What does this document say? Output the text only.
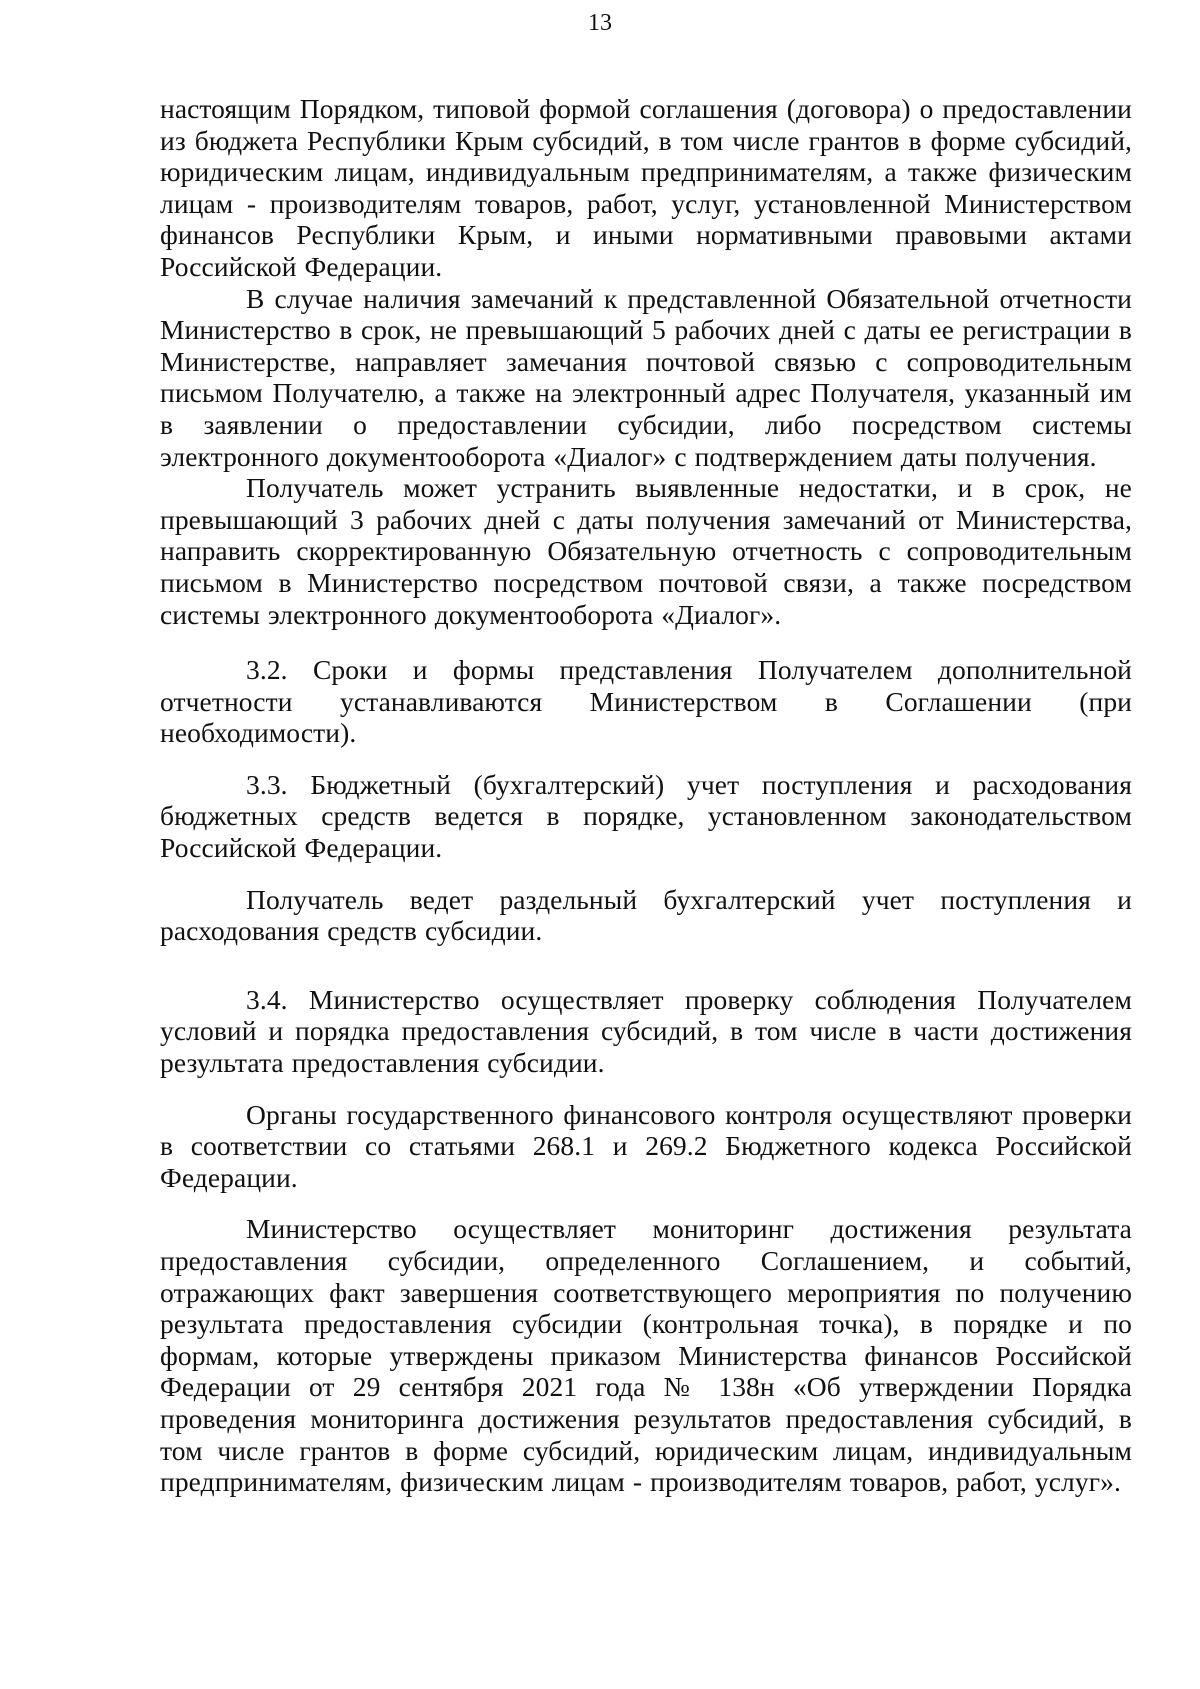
13

настоящим Порядком, типовой формой соглашения (договора) о предоставлении из бюджета Республики Крым субсидий, в том числе грантов в форме субсидий, юридическим лицам, индивидуальным предпринимателям, а также физическим лицам - производителям товаров, работ, услуг, установленной Министерством финансов Республики Крым, и иными нормативными правовыми актами Российской Федерации.

В случае наличия замечаний к представленной Обязательной отчетности Министерство в срок, не превышающий 5 рабочих дней с даты ее регистрации в Министерстве, направляет замечания почтовой связью с сопроводительным письмом Получателю, а также на электронный адрес Получателя, указанный им в заявлении о предоставлении субсидии, либо посредством системы электронного документооборота «Диалог» с подтверждением даты получения.

Получатель может устранить выявленные недостатки, и в срок, не превышающий 3 рабочих дней с даты получения замечаний от Министерства, направить скорректированную Обязательную отчетность с сопроводительным письмом в Министерство посредством почтовой связи, а также посредством системы электронного документооборота «Диалог».

3.2. Сроки и формы представления Получателем дополнительной отчетности устанавливаются Министерством в Соглашении (при необходимости).

3.3. Бюджетный (бухгалтерский) учет поступления и расходования бюджетных средств ведется в порядке, установленном законодательством Российской Федерации.

Получатель ведет раздельный бухгалтерский учет поступления и расходования средств субсидии.

3.4. Министерство осуществляет проверку соблюдения Получателем условий и порядка предоставления субсидий, в том числе в части достижения результата предоставления субсидии.

Органы государственного финансового контроля осуществляют проверки в соответствии со статьями 268.1 и 269.2 Бюджетного кодекса Российской Федерации.

Министерство осуществляет мониторинг достижения результата предоставления субсидии, определенного Соглашением, и событий, отражающих факт завершения соответствующего мероприятия по получению результата предоставления субсидии (контрольная точка), в порядке и по формам, которые утверждены приказом Министерства финансов Российской Федерации от 29 сентября 2021 года № 138н «Об утверждении Порядка проведения мониторинга достижения результатов предоставления субсидий, в том числе грантов в форме субсидий, юридическим лицам, индивидуальным предпринимателям, физическим лицам - производителям товаров, работ, услуг».
